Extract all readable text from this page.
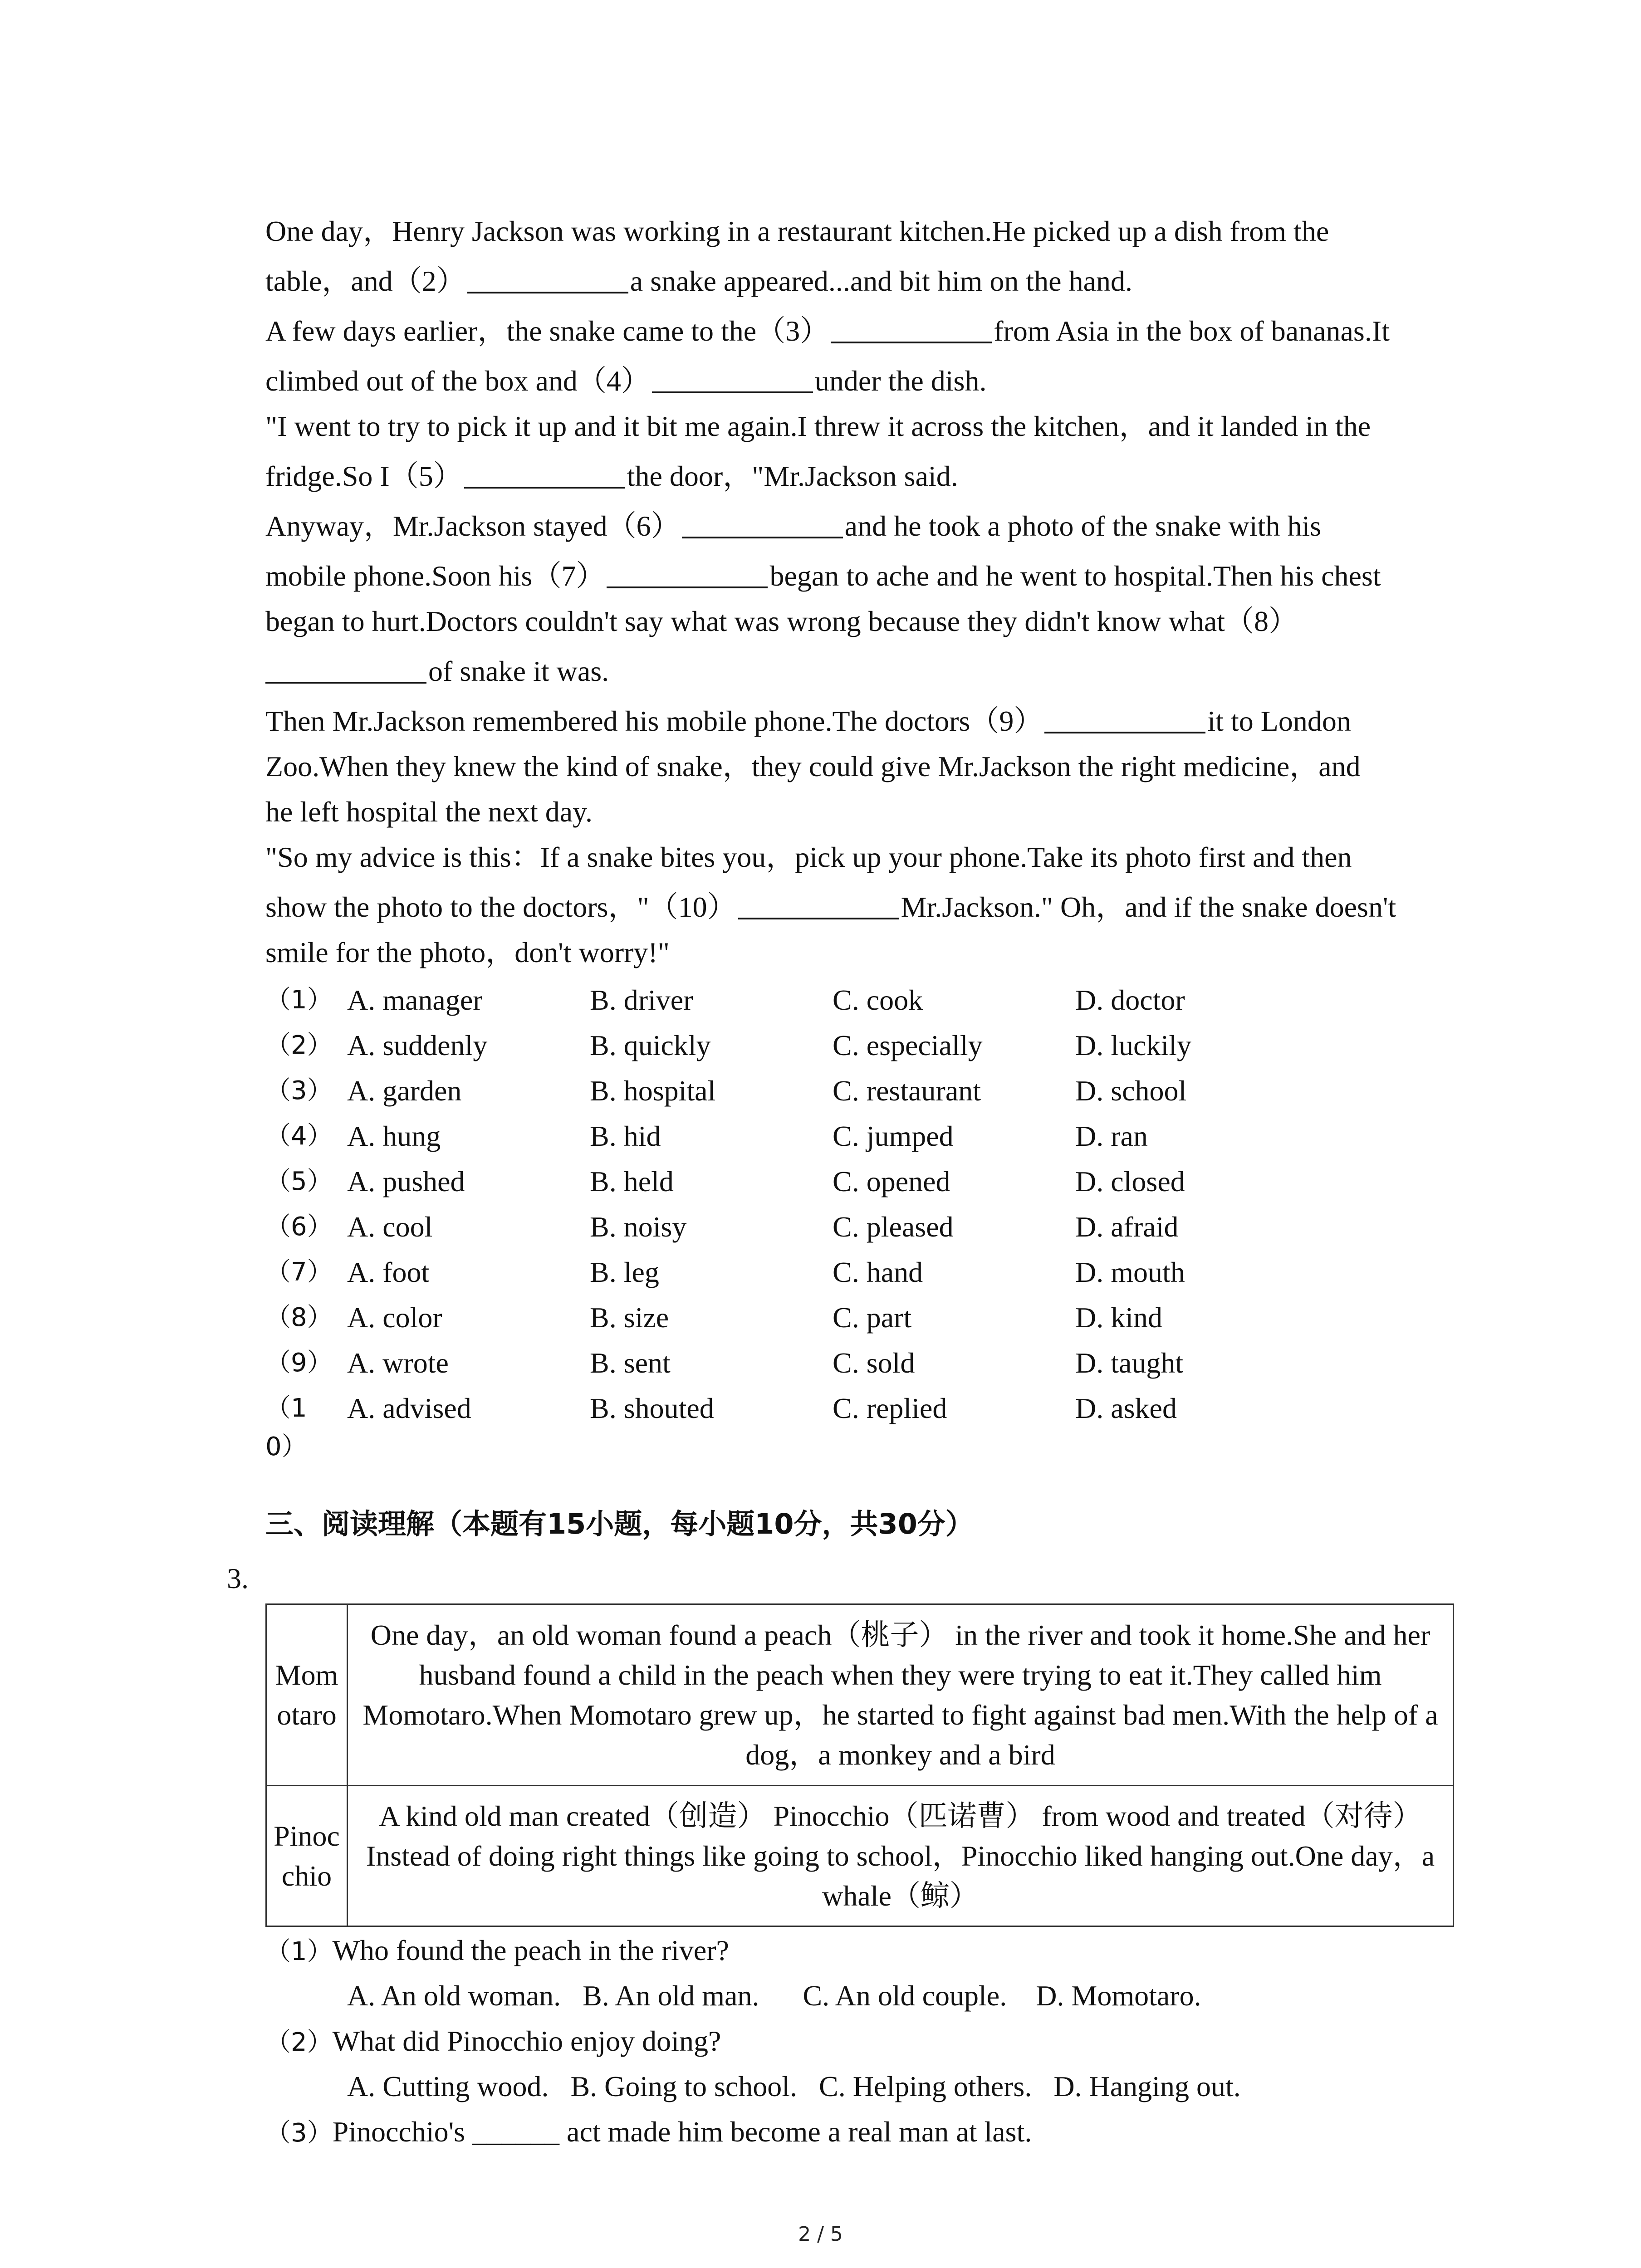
One day，Henry Jackson was working in a restaurant kitchen.He picked up a dish from the
table，and（2）	a snake appeared...and bit him on the hand.
A few days earlier，the snake came to the（3）	from Asia in the box of bananas.It
climbed out of the box and（4）	under the dish.
"I went to try to pick it up and it bit me again.I threw it across the kitchen，and it landed in the
fridge.So I（5）	the door，"Mr.Jackson said.
Anyway，Mr.Jackson stayed（6）	and he took a photo of the snake with his
mobile phone.Soon his（7）	began to ache and he went to hospital.Then his chest
began to hurt.Doctors couldn't say what was wrong because they didn't know what（8）
of snake it was.
Then Mr.Jackson remembered his mobile phone.The doctors（9）	it to London
Zoo.When they knew the kind of snake，they could give Mr.Jackson the right medicine，and
he left hospital the next day.
"So my advice is this：If a snake bites you，pick up your phone.Take its photo first and then
show the photo to the doctors，"（10）	Mr.Jackson." Oh，and if the snake doesn't
smile for the photo，don't worry!"
（1） A. manager	B. driver	C. cook	D. doctor
（2） A. suddenly	B. quickly	C. especially	D. luckily
（3） A. garden	B. hospital	C. restaurant	D. school
（4） A. hung	B. hid	C. jumped	D. ran
（5） A. pushed	B. held	C. opened	D. closed
（6） A. cool	B. noisy	C. pleased	D. afraid
（7） A. foot	B. leg	C. hand	D. mouth
（8） A. color	B. size	C. part	D. kind
（9） A. wrote	B. sent	C. sold	D. taught
（1	A. advised	B. shouted	C. replied	D. asked
0）
三、阅读理解（本题有15小题，每小题10分，共30分）
3.
Momotaro	One day，an old woman found a peach（桃子） in the river and took it home.She and her husband found a child in the peach when they were trying to eat it.They called him Momotaro.When Momotaro grew up，he started to fight against bad men.With the help of a dog，a monkey and a bird
Pinocchio	A kind old man created（创造） Pinocchio（匹诺曹） from wood and treated（对待）Instead of doing right things like going to school，Pinocchio liked hanging out.One day，a whale（鲸）
（1）Who found the peach in the river?
A. An old woman.   B. An old man.      C. An old couple.    D. Momotaro.
（2）What did Pinocchio enjoy doing?
A. Cutting wood.   B. Going to school.   C. Helping others.   D. Hanging out.
（3）Pinocchio's ______ act made him become a real man at last.
2 / 5
